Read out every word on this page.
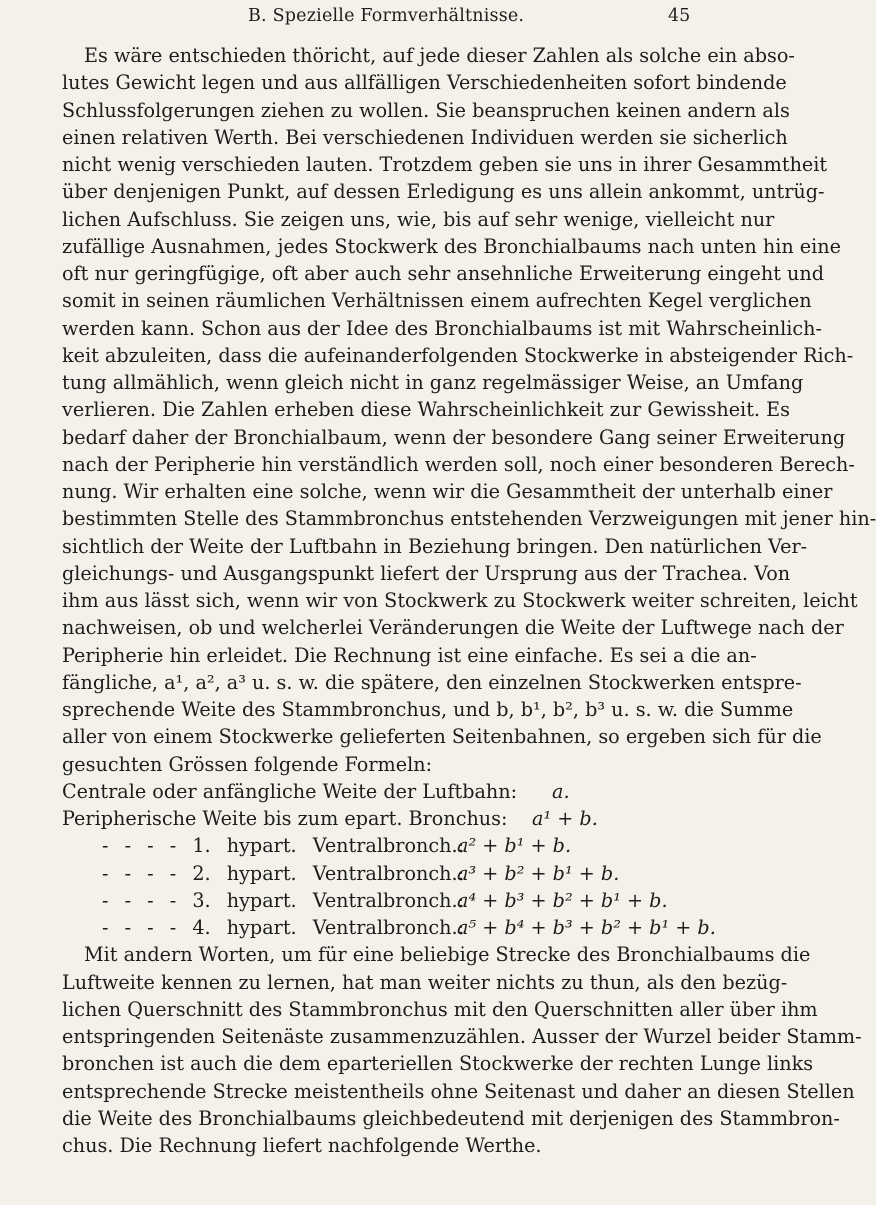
B. Spezielle Formverhältnisse.	45
Es wäre entschieden thöricht, auf jede dieser Zahlen als solche ein abso-
lutes Gewicht legen und aus allfälligen Verschiedenheiten sofort bindende
Schlussfolgerungen ziehen zu wollen. Sie beanspruchen keinen andern als
einen relativen Werth. Bei verschiedenen Individuen werden sie sicherlich
nicht wenig verschieden lauten. Trotzdem geben sie uns in ihrer Gesammtheit
über denjenigen Punkt, auf dessen Erledigung es uns allein ankommt, untrüg-
lichen Aufschluss. Sie zeigen uns, wie, bis auf sehr wenige, vielleicht nur
zufällige Ausnahmen, jedes Stockwerk des Bronchialbaums nach unten hin eine
oft nur geringfügige, oft aber auch sehr ansehnliche Erweiterung eingeht und
somit in seinen räumlichen Verhältnissen einem aufrechten Kegel verglichen
werden kann. Schon aus der Idee des Bronchialbaums ist mit Wahrscheinlich-
keit abzuleiten, dass die aufeinanderfolgenden Stockwerke in absteigender Rich-
tung allmählich, wenn gleich nicht in ganz regelmässiger Weise, an Umfang
verlieren. Die Zahlen erheben diese Wahrscheinlichkeit zur Gewissheit. Es
bedarf daher der Bronchialbaum, wenn der besondere Gang seiner Erweiterung
nach der Peripherie hin verständlich werden soll, noch einer besonderen Berech-
nung. Wir erhalten eine solche, wenn wir die Gesammtheit der unterhalb einer
bestimmten Stelle des Stammbronchus entstehenden Verzweigungen mit jener hin-
sichtlich der Weite der Luftbahn in Beziehung bringen. Den natürlichen Ver-
gleichungs- und Ausgangspunkt liefert der Ursprung aus der Trachea. Von
ihm aus lässt sich, wenn wir von Stockwerk zu Stockwerk weiter schreiten, leicht
nachweisen, ob und welcherlei Veränderungen die Weite der Luftwege nach der
Peripherie hin erleidet. Die Rechnung ist eine einfache. Es sei a die an-
fängliche, a¹, a², a³ u. s. w. die spätere, den einzelnen Stockwerken entspre-
sprechende Weite des Stammbronchus, und b, b¹, b², b³ u. s. w. die Summe
aller von einem Stockwerke gelieferten Seitenbahnen, so ergeben sich für die
gesuchten Grössen folgende Formeln:
Centrale oder anfängliche Weite der Luftbahn: a.
Peripherische Weite bis zum epart. Bronchus: a¹ + b.
- - - - 1. hypart. Ventralbronch.:
a² + b¹ + b.
- - - - 2. hypart. Ventralbronch.:
a³ + b² + b¹ + b.
- - - - 3. hypart. Ventralbronch.:
a⁴ + b³ + b² + b¹ + b.
- - - - 4. hypart. Ventralbronch.:
a⁵ + b⁴ + b³ + b² + b¹ + b.
Mit andern Worten, um für eine beliebige Strecke des Bronchialbaums die
Luftweite kennen zu lernen, hat man weiter nichts zu thun, als den bezüg-
lichen Querschnitt des Stammbronchus mit den Querschnitten aller über ihm
entspringenden Seitenäste zusammenzuzählen. Ausser der Wurzel beider Stamm-
bronchen ist auch die dem eparteriellen Stockwerke der rechten Lunge links
entsprechende Strecke meistentheils ohne Seitenast und daher an diesen Stellen
die Weite des Bronchialbaums gleichbedeutend mit derjenigen des Stammbron-
chus. Die Rechnung liefert nachfolgende Werthe.
